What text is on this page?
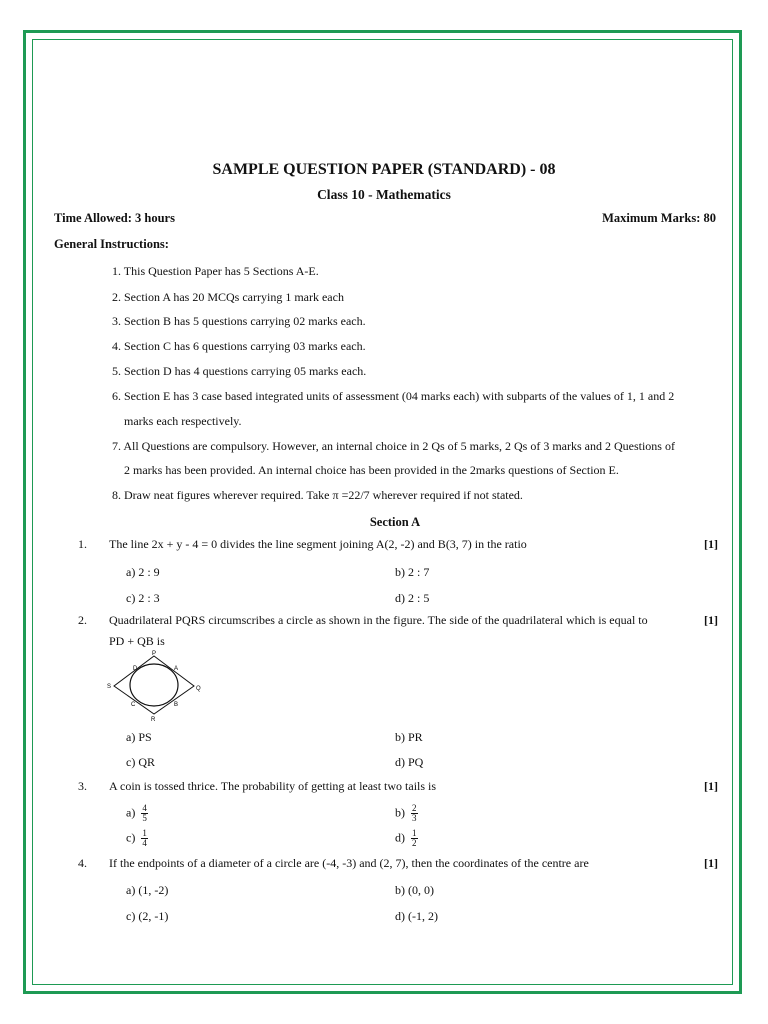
SAMPLE QUESTION PAPER (STANDARD) - 08
Class 10 - Mathematics
Time Allowed: 3 hours	Maximum Marks: 80
General Instructions:
1. This Question Paper has 5 Sections A-E.
2. Section A has 20 MCQs carrying 1 mark each
3. Section B has 5 questions carrying 02 marks each.
4. Section C has 6 questions carrying 03 marks each.
5. Section D has 4 questions carrying 05 marks each.
6. Section E has 3 case based integrated units of assessment (04 marks each) with subparts of the values of 1, 1 and 2
marks each respectively.
7. All Questions are compulsory. However, an internal choice in 2 Qs of 5 marks, 2 Qs of 3 marks and 2 Questions of
2 marks has been provided. An internal choice has been provided in the 2marks questions of Section E.
8. Draw neat figures wherever required. Take π =22/7 wherever required if not stated.
Section A
1. The line 2x + y - 4 = 0 divides the line segment joining A(2, -2) and B(3, 7) in the ratio	[1]
a) 2 : 9	b) 2 : 7
c) 2 : 3	d) 2 : 5
2. Quadrilateral PQRS circumscribes a circle as shown in the figure. The side of the quadrilateral which is equal to
PD + QB is
[1]
P
A
D
S	Q
C	B
R
a) PS	b) PR
c) QR	d) PQ
3. A coin is tossed thrice. The probability of getting at least two tails is	[1]
$a) \frac{4}{5}$	$b) \frac{2}{3}$
$c) \frac{1}{4}$	$d) \frac{1}{2}$
4. If the endpoints of a diameter of a circle are (-4, -3) and (2, 7), then the coordinates of the centre are	[1]
a) (1, -2)	b) (0, 0)
c) (2, -1)	d) (-1, 2)
